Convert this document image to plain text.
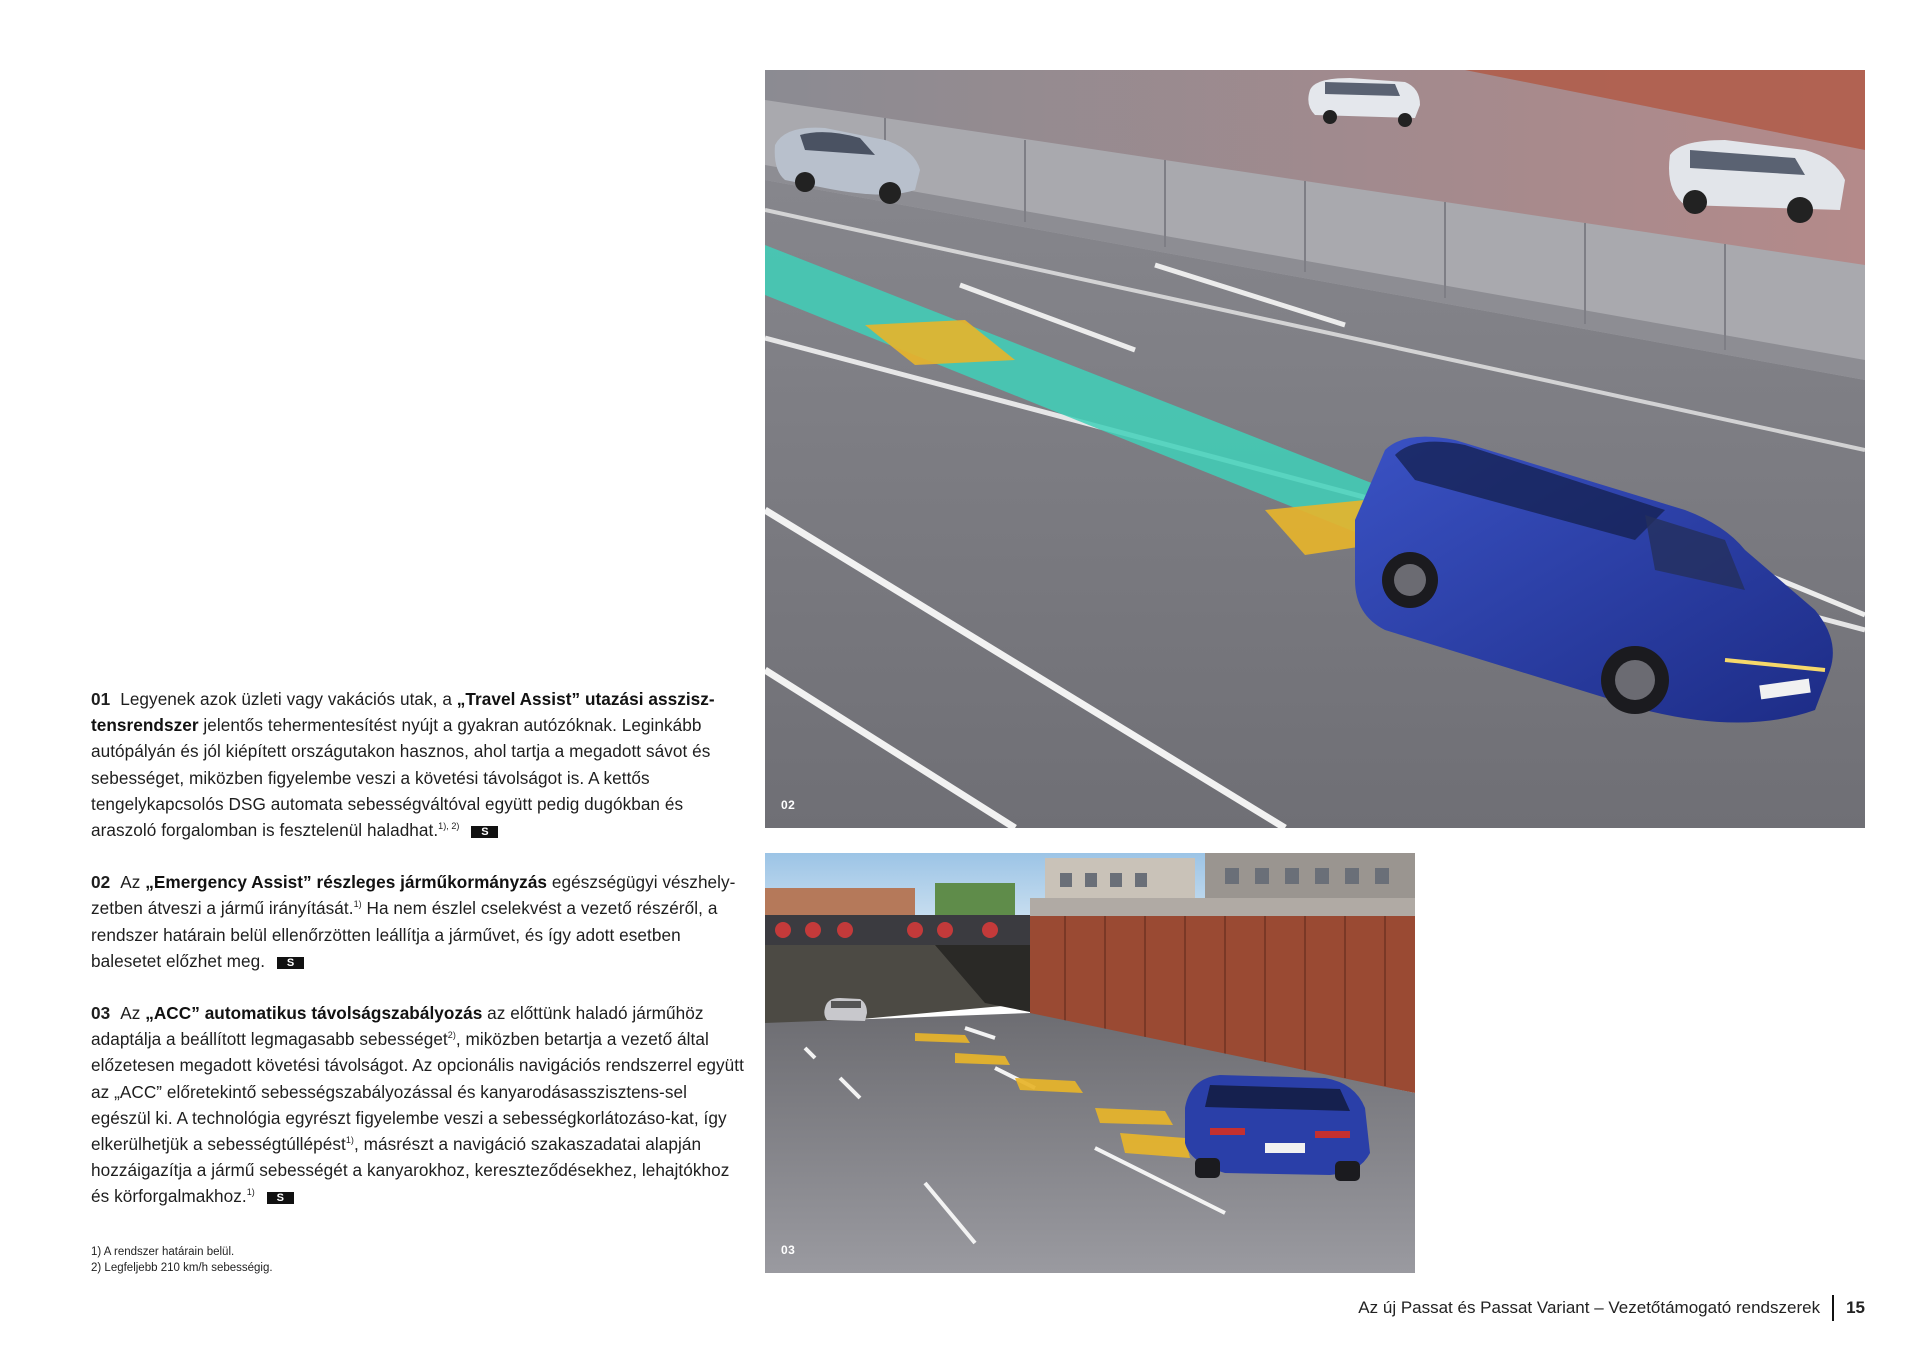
01 Legyenek azok üzleti vagy vakációs utak, a „Travel Assist” utazási asszisz- tensrendszer jelentős tehermentesítést nyújt a gyakran autózóknak. Leginkább autópályán és jól kiépített országutakon hasznos, ahol tartja a megadott sávot és sebességet, miközben figyelembe veszi a követési távolságot is. A kettős tengelykapcsolós DSG automata sebességváltóval együtt pedig dugókban és araszoló forgalomban is fesztelenül haladhat.$^{1), 2)}$ S

02 Az „Emergency Assist” részleges járműkormányzás egészségügyi vészhely-zetben átveszi a jármű irányítását.$^{1)}$ Ha nem észlel cselekvést a vezető részéről, a rendszer határain belül ellenőrzötten leállítja a járművet, és így adott esetben balesetet előzhet meg. S

03 Az „ACC” automatikus távolságszabályozás az előttünk haladó járműhöz adaptálja a beállított legmagasabb sebességet$^{2)}$, miközben betartja a vezető által előzetesen megadott követési távolságot. Az opcionális navigációs rendszerrel együtt az „ACC” előretekintő sebességszabályozással és kanyarodásasszisztens-sel egészül ki. A technológia egyrészt figyelembe veszi a sebességkorlátozáso-kat, így elkerülhetjük a sebességtúllépést$^{1)}$, másrészt a navigáció szakaszadatai alapján hozzáigazítja a jármű sebességét a kanyarokhoz, kereszteződésekhez, lehajtókhoz és körforgalmakhoz.$^{1)}$ S

1) A rendszer határain belül.
2) Legfeljebb 210 km/h sebességig.
02
03
Az új Passat és Passat Variant – Vezetőtámogató rendszerek 15
